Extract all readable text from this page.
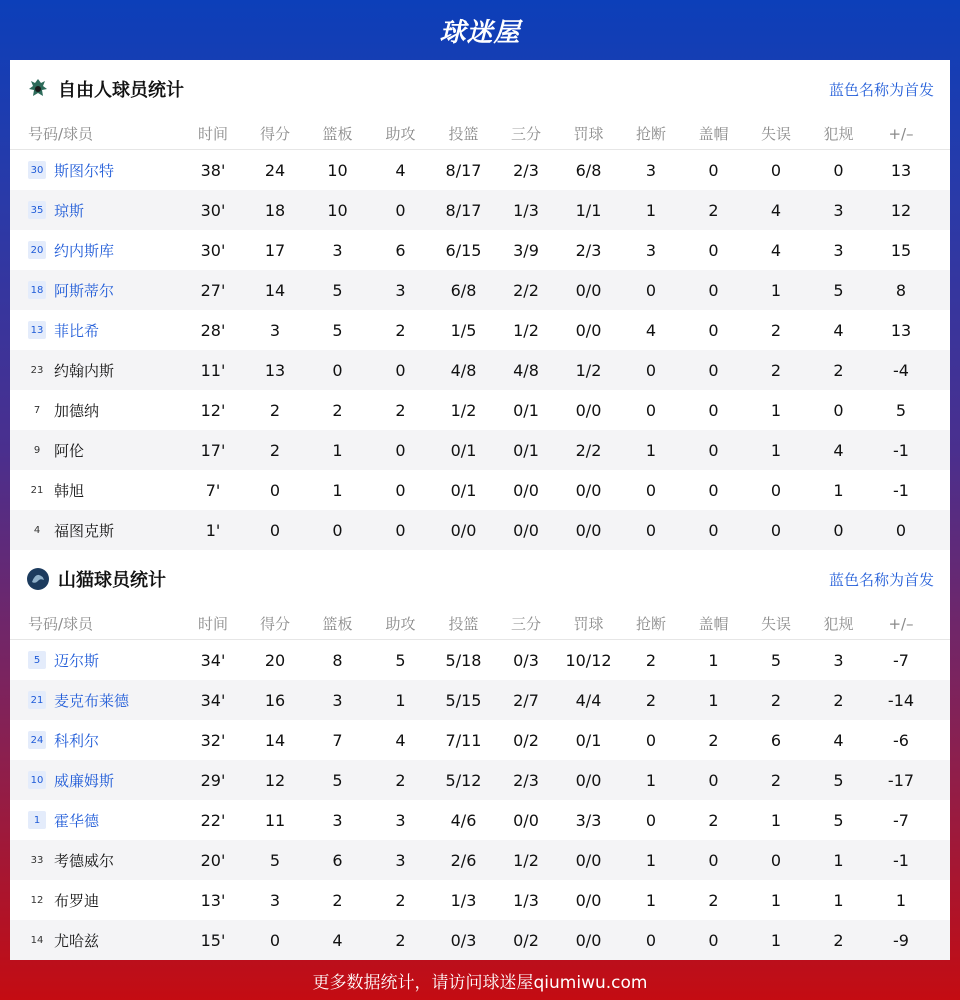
球迷屋
自由人球员统计	蓝色名称为首发
号码/球员	时间	得分	篮板	助攻	投篮	三分	罚球	抢断	盖帽	失误	犯规	+/–
30 斯图尔特	38'	24	10	4	8/17	2/3	6/8	3	0	0	0	13
35 琼斯	30'	18	10	0	8/17	1/3	1/1	1	2	4	3	12
20 约内斯库	30'	17	3	6	6/15	3/9	2/3	3	0	4	3	15
18 阿斯蒂尔	27'	14	5	3	6/8	2/2	0/0	0	0	1	5	8
13 菲比希	28'	3	5	2	1/5	1/2	0/0	4	0	2	4	13
23 约翰内斯	11'	13	0	0	4/8	4/8	1/2	0	0	2	2	-4
7 加德纳	12'	2	2	2	1/2	0/1	0/0	0	0	1	0	5
9 阿伦	17'	2	1	0	0/1	0/1	2/2	1	0	1	4	-1
21 韩旭	7'	0	1	0	0/1	0/0	0/0	0	0	0	1	-1
4 福图克斯	1'	0	0	0	0/0	0/0	0/0	0	0	0	0	0
山猫球员统计	蓝色名称为首发
号码/球员	时间	得分	篮板	助攻	投篮	三分	罚球	抢断	盖帽	失误	犯规	+/–
5 迈尔斯	34'	20	8	5	5/18	0/3	10/12	2	1	5	3	-7
21 麦克布莱德	34'	16	3	1	5/15	2/7	4/4	2	1	2	2	-14
24 科利尔	32'	14	7	4	7/11	0/2	0/1	0	2	6	4	-6
10 威廉姆斯	29'	12	5	2	5/12	2/3	0/0	1	0	2	5	-17
1 霍华德	22'	11	3	3	4/6	0/0	3/3	0	2	1	5	-7
33 考德威尔	20'	5	6	3	2/6	1/2	0/0	1	0	0	1	-1
12 布罗迪	13'	3	2	2	1/3	1/3	0/0	1	2	1	1	1
14 尤哈兹	15'	0	4	2	0/3	0/2	0/0	0	0	1	2	-9
更多数据统计，请访问球迷屋qiumiwu.com
